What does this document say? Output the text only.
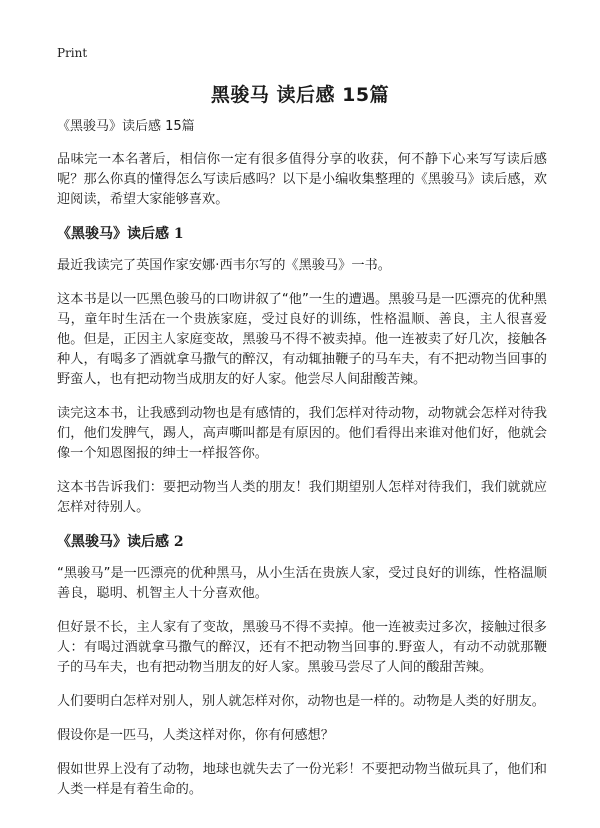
Print
黑骏马 读后感 15篇
《黑骏马》读后感 15篇

品味完一本名著后，相信你一定有很多值得分享的收获，何不静下心来写写读后感呢？那么你真的懂得怎么写读后感吗？以下是小编收集整理的《黑骏马》读后感，欢迎阅读，希望大家能够喜欢。

《黑骏马》读后感 1

最近我读完了英国作家安娜·西韦尔写的《黑骏马》一书。

这本书是以一匹黑色骏马的口吻讲叙了“他”一生的遭遇。黑骏马是一匹漂亮的优种黑马，童年时生活在一个贵族家庭，受过良好的训练，性格温顺、善良，主人很喜爱他。但是，正因主人家庭变故，黑骏马不得不被卖掉。他一连被卖了好几次，接触各种人，有喝多了酒就拿马撒气的醉汉，有动辄抽鞭子的马车夫，有不把动物当回事的野蛮人，也有把动物当成朋友的好人家。他尝尽人间甜酸苦辣。

读完这本书，让我感到动物也是有感情的，我们怎样对待动物，动物就会怎样对待我们，他们发脾气，踢人，高声嘶叫都是有原因的。他们看得出来谁对他们好，他就会像一个知恩图报的绅士一样报答你。

这本书告诉我们：要把动物当人类的朋友！我们期望别人怎样对待我们，我们就就应怎样对待别人。

《黑骏马》读后感 2

“黑骏马”是一匹漂亮的优种黑马，从小生活在贵族人家，受过良好的训练，性格温顺善良，聪明、机智主人十分喜欢他。

但好景不长，主人家有了变故，黑骏马不得不卖掉。他一连被卖过多次，接触过很多人：有喝过酒就拿马撒气的醉汉，还有不把动物当回事的.野蛮人，有动不动就那鞭子的马车夫，也有把动物当朋友的好人家。黑骏马尝尽了人间的酸甜苦辣。

人们要明白怎样对别人，别人就怎样对你，动物也是一样的。动物是人类的好朋友。

假设你是一匹马，人类这样对你，你有何感想？

假如世界上没有了动物，地球也就失去了一份光彩！不要把动物当做玩具了，他们和人类一样是有着生命的。
